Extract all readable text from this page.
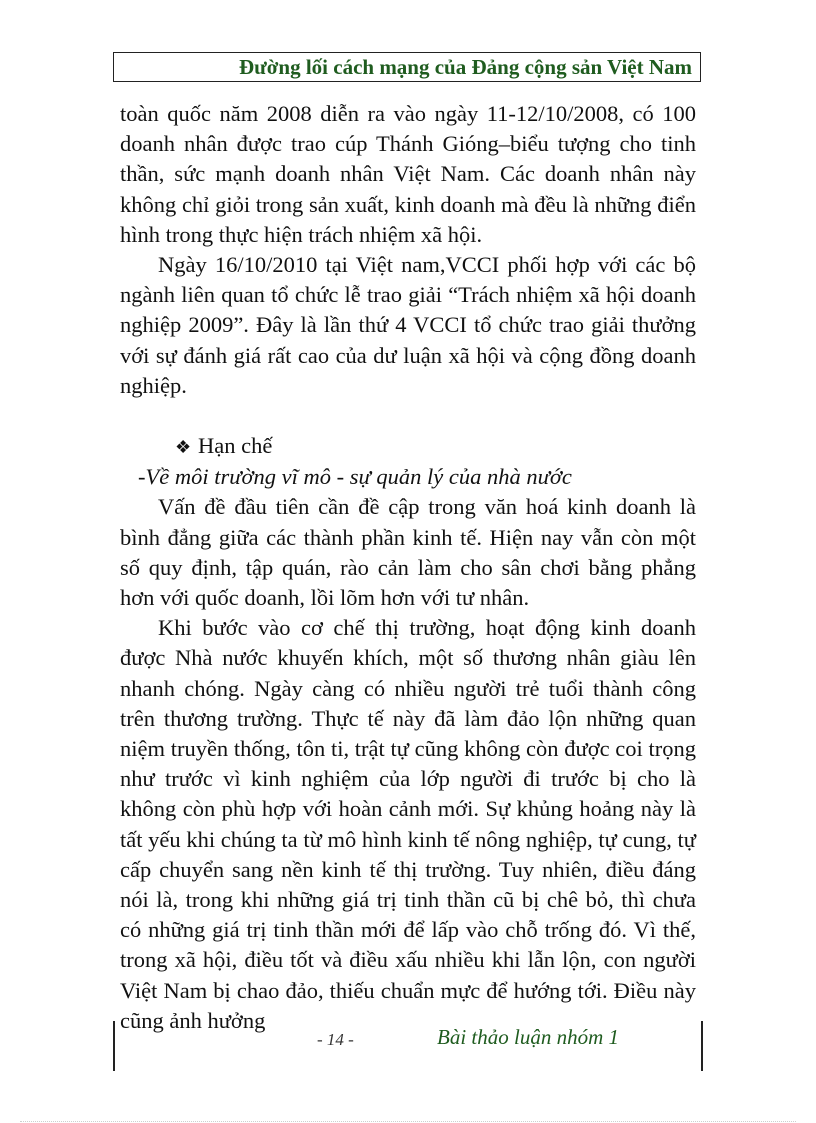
Đường lối cách mạng của Đảng cộng sản Việt Nam

toàn quốc năm 2008 diễn ra vào ngày 11-12/10/2008, có 100 doanh nhân được trao cúp Thánh Gióng–biểu tượng cho tinh thần, sức mạnh doanh nhân Việt Nam. Các doanh nhân này không chỉ giỏi trong sản xuất, kinh doanh mà đều là những điển hình trong thực hiện trách nhiệm xã hội.

Ngày 16/10/2010 tại Việt nam,VCCI phối hợp với các bộ ngành liên quan tổ chức lễ trao giải “Trách nhiệm xã hội doanh nghiệp 2009”. Đây là lần thứ 4 VCCI tổ chức trao giải thưởng với sự đánh giá rất cao của dư luận xã hội và cộng đồng doanh nghiệp.

❖ Hạn chế

-Về môi trường vĩ mô - sự quản lý của nhà nước

Vấn đề đầu tiên cần đề cập trong văn hoá kinh doanh là bình đẳng giữa các thành phần kinh tế. Hiện nay vẫn còn một số quy định, tập quán, rào cản làm cho sân chơi bằng phẳng hơn với quốc doanh, lồi lõm hơn với tư nhân.

Khi bước vào cơ chế thị trường, hoạt động kinh doanh được Nhà nước khuyến khích, một số thương nhân giàu lên nhanh chóng. Ngày càng có nhiều người trẻ tuổi thành công trên thương trường. Thực tế này đã làm đảo lộn những quan niệm truyền thống, tôn ti, trật tự cũng không còn được coi trọng như trước vì kinh nghiệm của lớp người đi trước bị cho là không còn phù hợp với hoàn cảnh mới. Sự khủng hoảng này là tất yếu khi chúng ta từ mô hình kinh tế nông nghiệp, tự cung, tự cấp chuyển sang nền kinh tế thị trường. Tuy nhiên, điều đáng nói là, trong khi những giá trị tinh thần cũ bị chê bỏ, thì chưa có những giá trị tinh thần mới để lấp vào chỗ trống đó. Vì thế, trong xã hội, điều tốt và điều xấu nhiều khi lẫn lộn, con người Việt Nam bị chao đảo, thiếu chuẩn mực để hướng tới. Điều này cũng ảnh hưởng

- 14 -	Bài thảo luận nhóm 1
